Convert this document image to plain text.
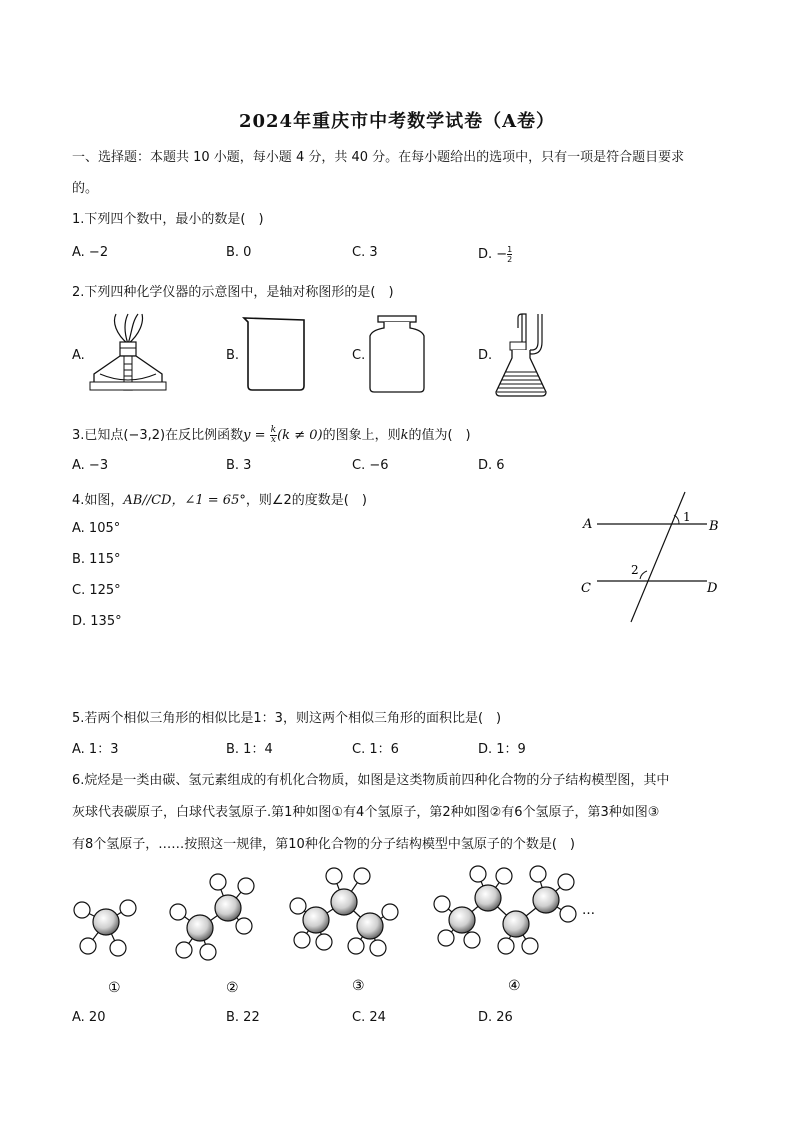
2024年重庆市中考数学试卷（A卷）
一、选择题：本题共 10 小题，每小题 4 分，共 40 分。在每小题给出的选项中，只有一项是符合题目要求
的。
1.下列四个数中，最小的数是(　)
A. −2	B. 0	C. 3	D. − $\frac{1}{2}$
2.下列四种化学仪器的示意图中，是轴对称图形的是(　)
A.	B.	C.	D.
3.已知点(−3,2)在反比例函数$y = \frac{k}{x} (k \ne 0)$的图象上，则k的值为(　)
A. −3	B. 3	C. −6	D. 6
4.如图，AB//CD，∠1 = 65°，则∠2的度数是(　)
A. 105°
B. 115°
C. 125°
D. 135°
A	B
C	D
1
2
5.若两个相似三角形的相似比是1：3，则这两个相似三角形的面积比是(　)
A. 1：3	B. 1：4	C. 1：6	D. 1：9
6.烷烃是一类由碳、氢元素组成的有机化合物质，如图是这类物质前四种化合物的分子结构模型图，其中
灰球代表碳原子，白球代表氢原子.第1种如图①有4个氢原子，第2种如图②有6个氢原子，第3种如图③
有8个氢原子，……按照这一规律，第10种化合物的分子结构模型中氢原子的个数是(　)
…
①	②	③	④
A. 20	B. 22	C. 24	D. 26
